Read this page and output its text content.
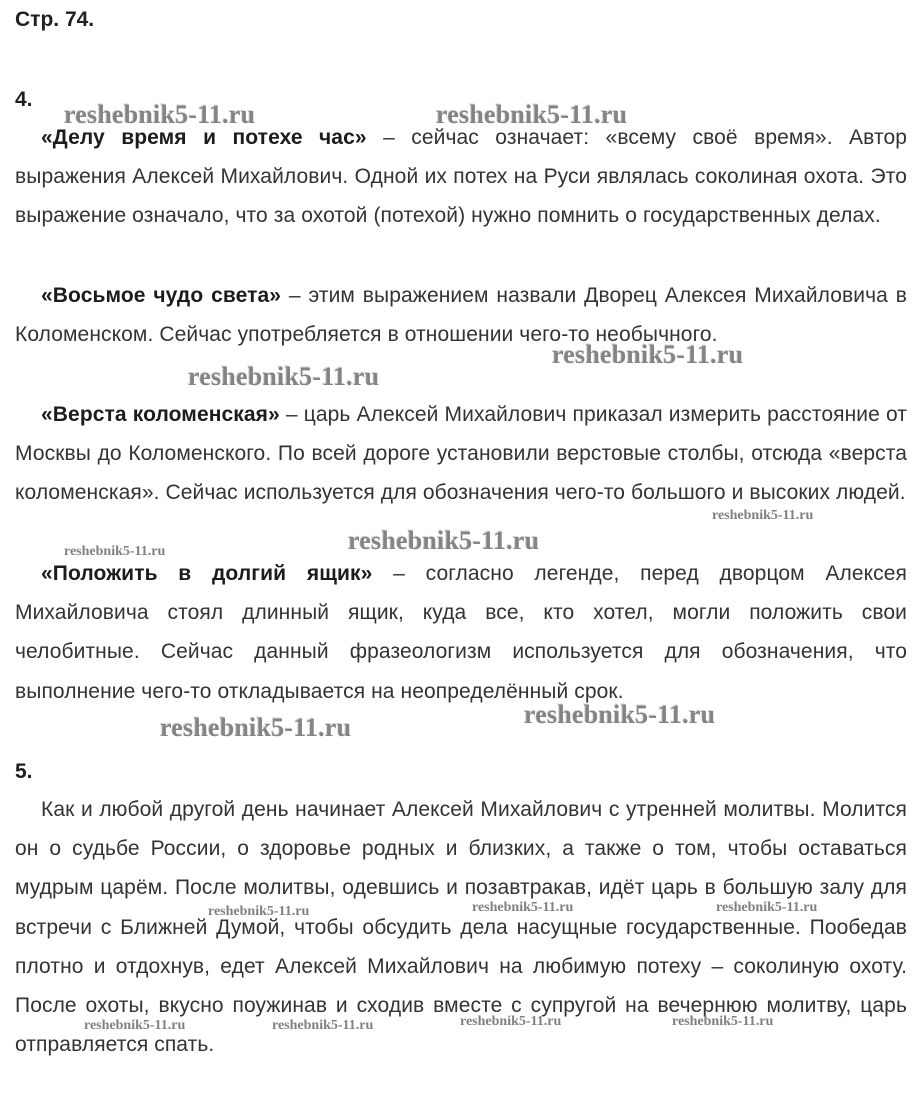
Стр. 74.
4.

«Делу время и потехе час» – сейчас означает: «всему своё время». Автор выражения Алексей Михайлович. Одной их потех на Руси являлась соколиная охота. Это выражение означало, что за охотой (потехой) нужно помнить о государственных делах.

«Восьмое чудо света» – этим выражением назвали Дворец Алексея Михайловича в Коломенском. Сейчас употребляется в отношении чего-то необычного.

«Верста коломенская» – царь Алексей Михайлович приказал измерить расстояние от Москвы до Коломенского. По всей дороге установили верстовые столбы, отсюда «верста коломенская». Сейчас используется для обозначения чего-то большого и высоких людей.

«Положить в долгий ящик» – согласно легенде, перед дворцом Алексея Михайловича стоял длинный ящик, куда все, кто хотел, могли положить свои челобитные. Сейчас данный фразеологизм используется для обозначения, что выполнение чего-то откладывается на неопределённый срок.

5.

Как и любой другой день начинает Алексей Михайлович с утренней молитвы. Молится он о судьбе России, о здоровье родных и близких, а также о том, чтобы оставаться мудрым царём. После молитвы, одевшись и позавтракав, идёт царь в большую залу для встречи с Ближней Думой, чтобы обсудить дела насущные государственные. Пообедав плотно и отдохнув, едет Алексей Михайлович на любимую потеху – соколиную охоту. После охоты, вкусно поужинав и сходив вместе с супругой на вечернюю молитву, царь отправляется спать.

reshebnik5-11.ru	reshebnik5-11.ru
reshebnik5-11.ru
reshebnik5-11.ru
reshebnik5-11.ru
reshebnik5-11.ru
reshebnik5-11.ru
reshebnik5-11.ru
reshebnik5-11.ru
reshebnik5-11.ru	reshebnik5-11.ru
reshebnik5-11.ru
reshebnik5-11.ru	reshebnik5-11.ru
reshebnik5-11.ru	reshebnik5-11.ru
